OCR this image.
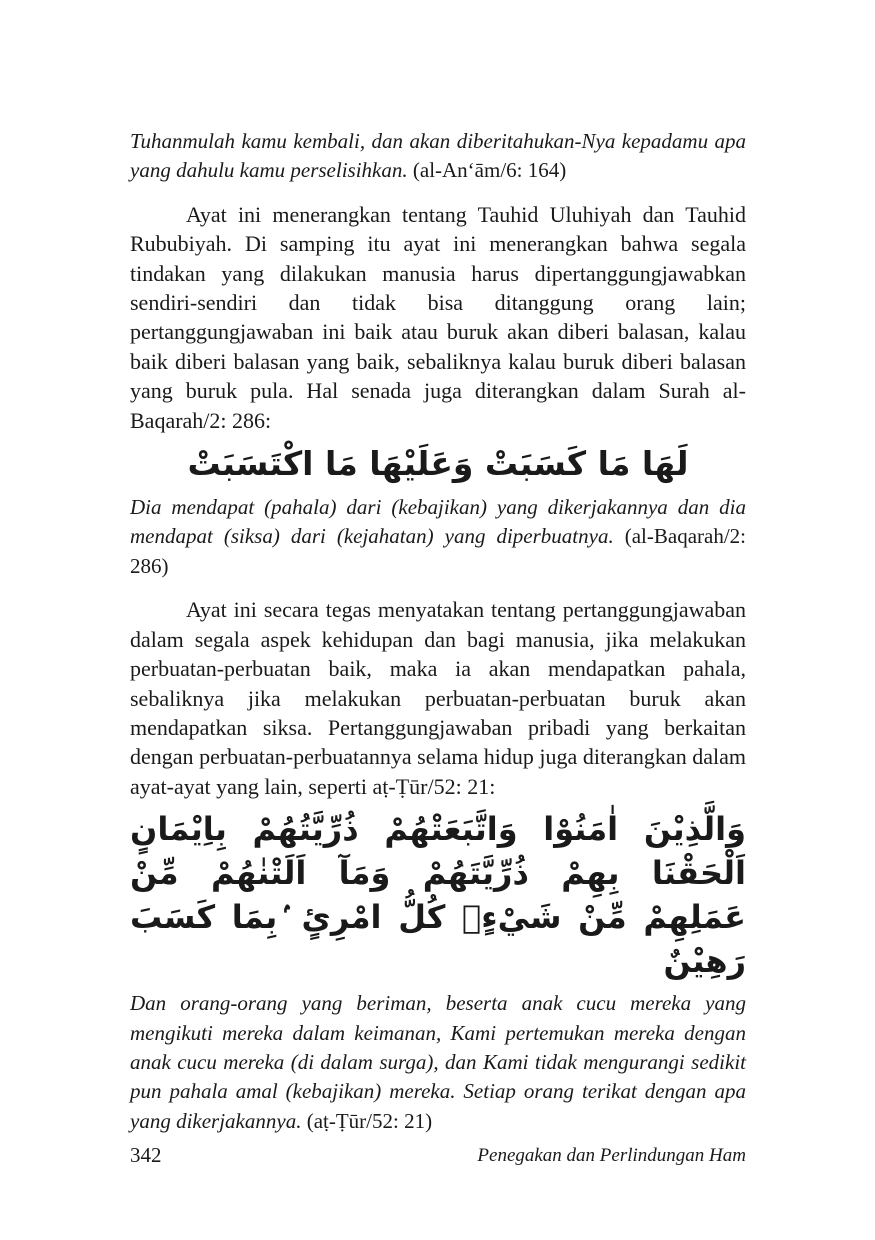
Tuhanmulah kamu kembali, dan akan diberitahukan-Nya kepadamu apa yang dahulu kamu perselisihkan. (al-An‘ām/6: 164)

Ayat ini menerangkan tentang Tauhid Uluhiyah dan Tauhid Rububiyah. Di samping itu ayat ini menerangkan bahwa segala tindakan yang dilakukan manusia harus dipertanggungjawabkan sendiri-sendiri dan tidak bisa ditanggung orang lain; pertanggungjawaban ini baik atau buruk akan diberi balasan, kalau baik diberi balasan yang baik, sebaliknya kalau buruk diberi balasan yang buruk pula. Hal senada juga diterangkan dalam Surah al-Baqarah/2: 286:

لَهَا مَا كَسَبَتْ وَعَلَيْهَا مَا اكْتَسَبَتْ

Dia mendapat (pahala) dari (kebajikan) yang dikerjakannya dan dia mendapat (siksa) dari (kejahatan) yang diperbuatnya. (al-Baqarah/2: 286)

Ayat ini secara tegas menyatakan tentang pertanggungjawaban dalam segala aspek kehidupan dan bagi manusia, jika melakukan perbuatan-perbuatan baik, maka ia akan mendapatkan pahala, sebaliknya jika melakukan perbuatan-perbuatan buruk akan mendapatkan siksa. Pertanggungjawaban pribadi yang berkaitan dengan perbuatan-perbuatannya selama hidup juga diterangkan dalam ayat-ayat yang lain, seperti aṭ-Ṭūr/52: 21:

وَالَّذِيْنَ اٰمَنُوْا وَاتَّبَعَتْهُمْ ذُرِّيَّتُهُمْ بِاِيْمَانٍ اَلْحَقْنَا بِهِمْ ذُرِّيَّتَهُمْ وَمَآ اَلَتْنٰهُمْ مِّنْ عَمَلِهِمْ مِّنْ شَيْءٍۗ كُلُّ امْرِئٍ ۢبِمَا كَسَبَ رَهِيْنٌ

Dan orang-orang yang beriman, beserta anak cucu mereka yang mengikuti mereka dalam keimanan, Kami pertemukan mereka dengan anak cucu mereka (di dalam surga), dan Kami tidak mengurangi sedikit pun pahala amal (kebajikan) mereka. Setiap orang terikat dengan apa yang dikerjakannya. (aṭ-Ṭūr/52: 21)

342	Penegakan dan Perlindungan Ham
